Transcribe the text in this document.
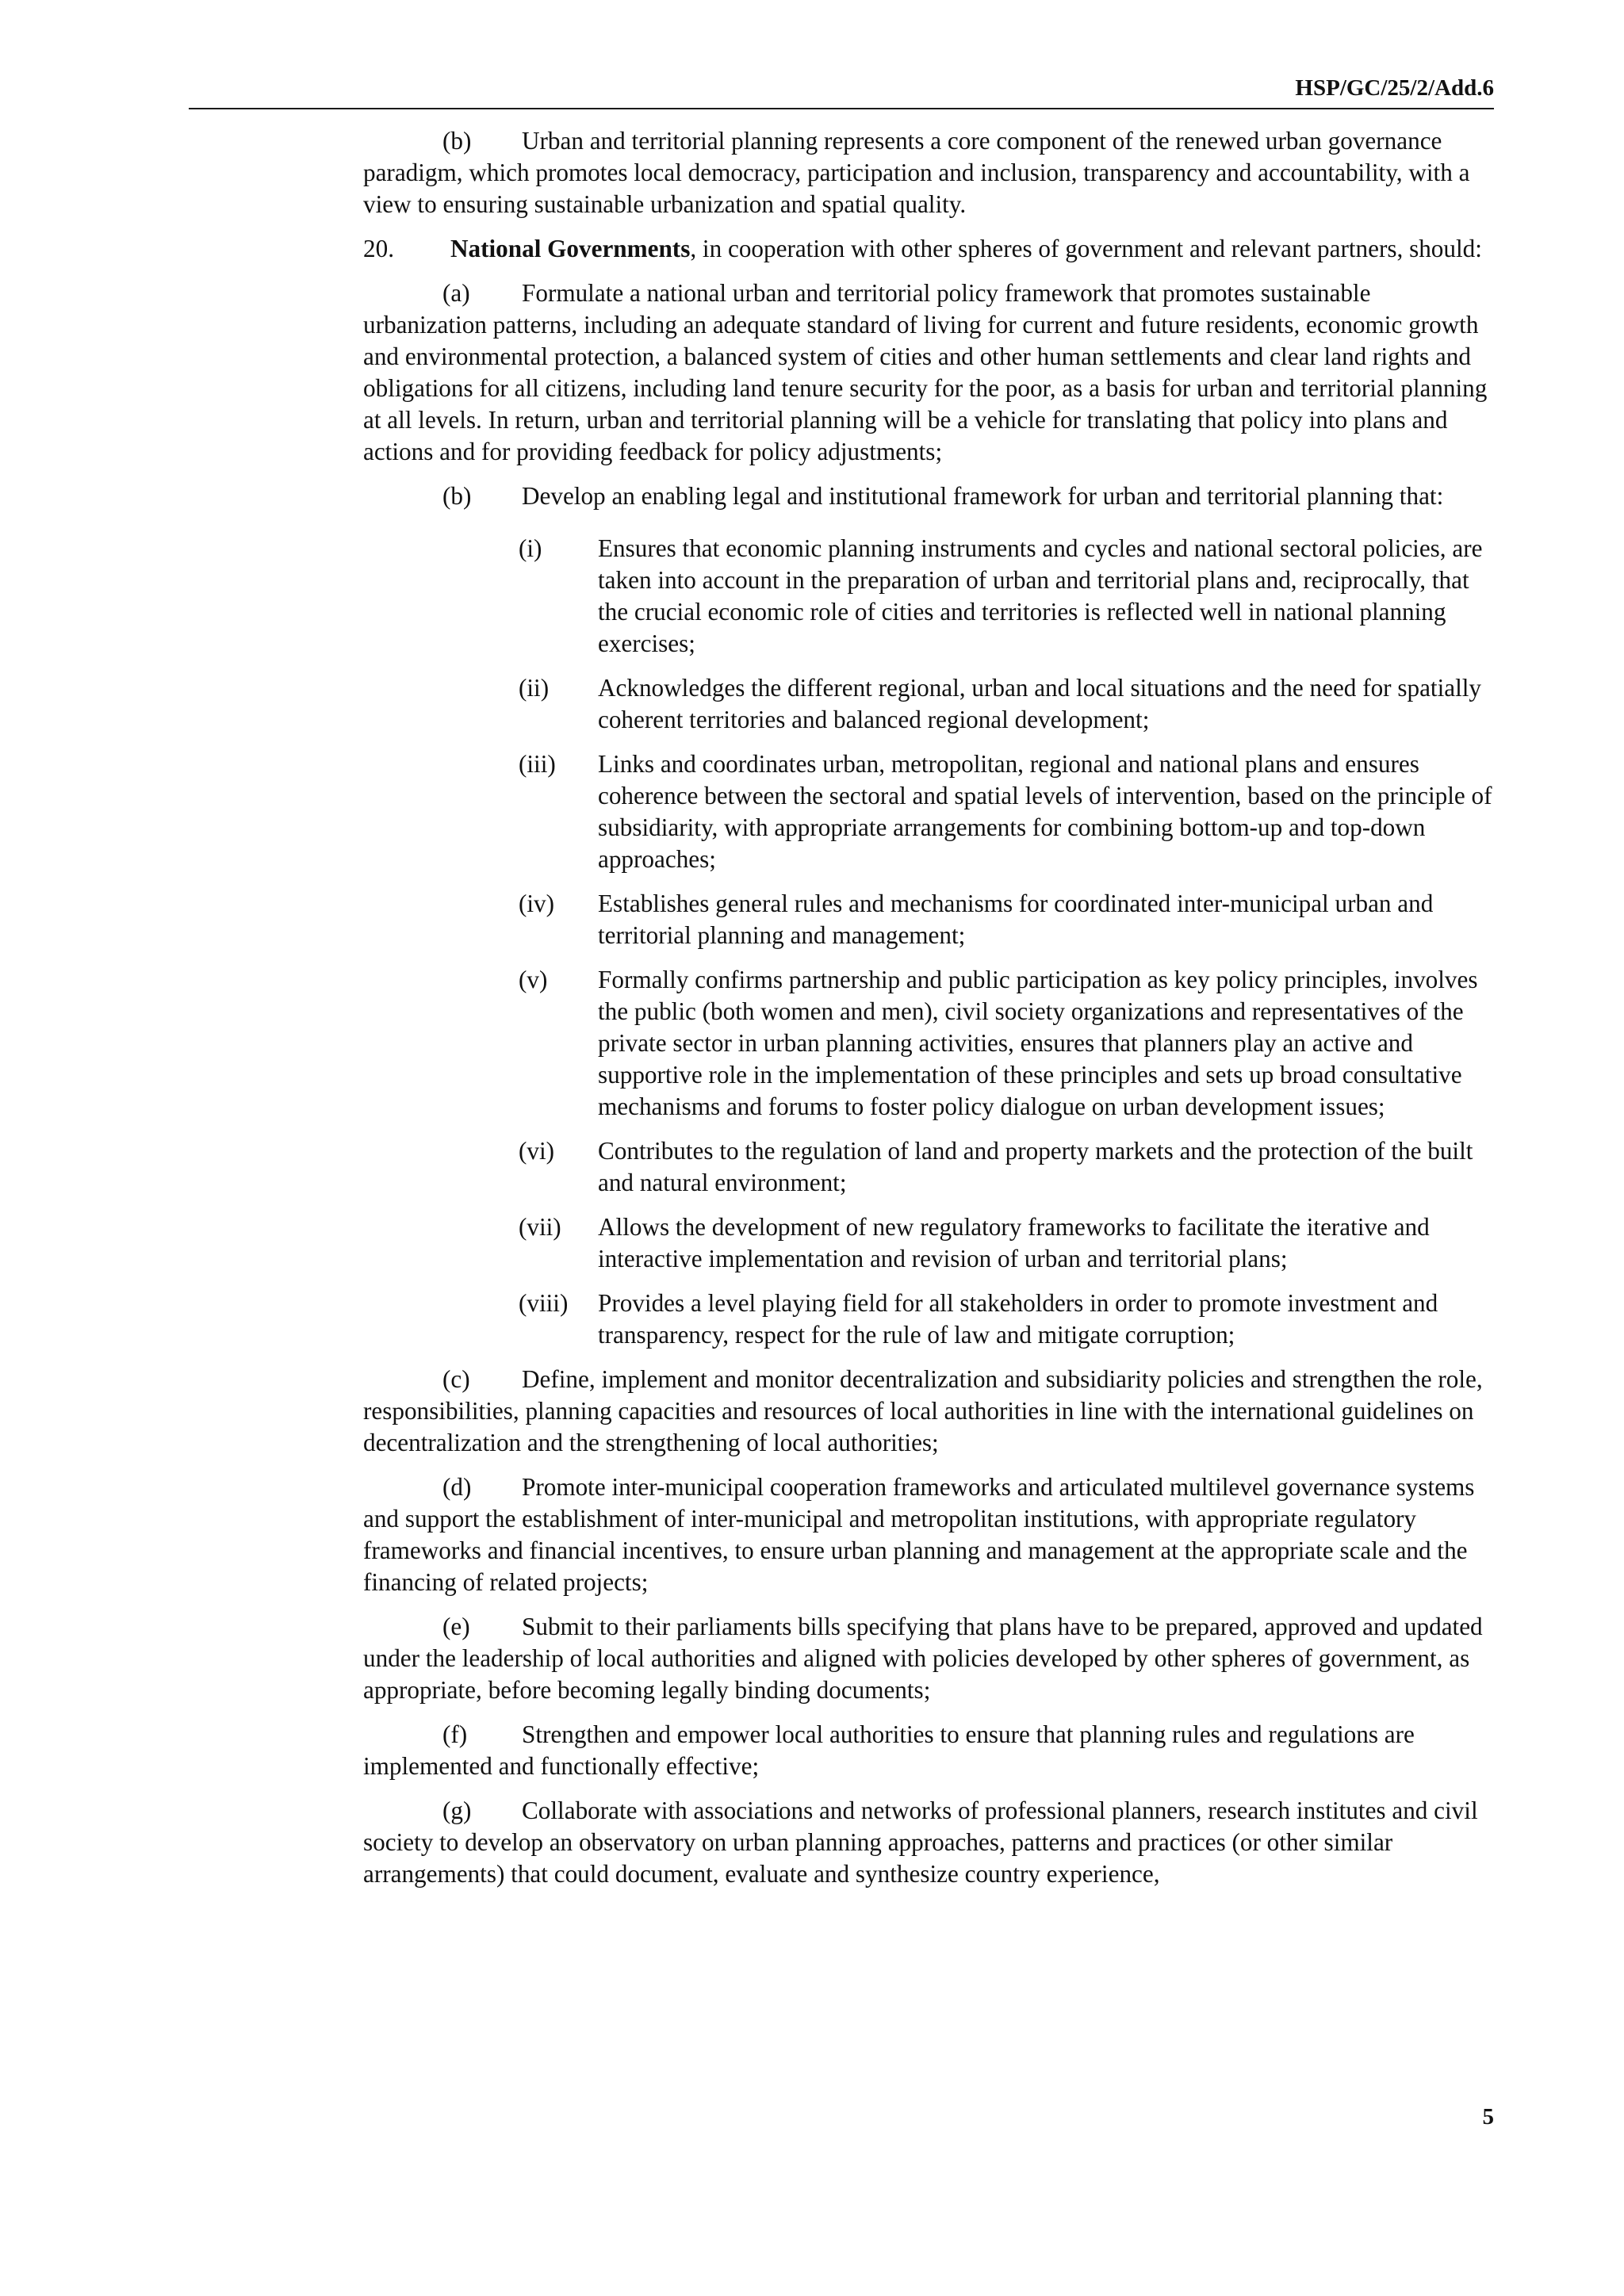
HSP/GC/25/2/Add.6

(b) Urban and territorial planning represents a core component of the renewed urban governance paradigm, which promotes local democracy, participation and inclusion, transparency and accountability, with a view to ensuring sustainable urbanization and spatial quality.

20. National Governments, in cooperation with other spheres of government and relevant partners, should:

(a) Formulate a national urban and territorial policy framework that promotes sustainable urbanization patterns, including an adequate standard of living for current and future residents, economic growth and environmental protection, a balanced system of cities and other human settlements and clear land rights and obligations for all citizens, including land tenure security for the poor, as a basis for urban and territorial planning at all levels. In return, urban and territorial planning will be a vehicle for translating that policy into plans and actions and for providing feedback for policy adjustments;

(b) Develop an enabling legal and institutional framework for urban and territorial planning that:

(i) Ensures that economic planning instruments and cycles and national sectoral policies, are taken into account in the preparation of urban and territorial plans and, reciprocally, that the crucial economic role of cities and territories is reflected well in national planning exercises;
(ii) Acknowledges the different regional, urban and local situations and the need for spatially coherent territories and balanced regional development;
(iii) Links and coordinates urban, metropolitan, regional and national plans and ensures coherence between the sectoral and spatial levels of intervention, based on the principle of subsidiarity, with appropriate arrangements for combining bottom-up and top-down approaches;
(iv) Establishes general rules and mechanisms for coordinated inter-municipal urban and territorial planning and management;
(v) Formally confirms partnership and public participation as key policy principles, involves the public (both women and men), civil society organizations and representatives of the private sector in urban planning activities, ensures that planners play an active and supportive role in the implementation of these principles and sets up broad consultative mechanisms and forums to foster policy dialogue on urban development issues;
(vi) Contributes to the regulation of land and property markets and the protection of the built and natural environment;
(vii) Allows the development of new regulatory frameworks to facilitate the iterative and interactive implementation and revision of urban and territorial plans;
(viii) Provides a level playing field for all stakeholders in order to promote investment and transparency, respect for the rule of law and mitigate corruption;

(c) Define, implement and monitor decentralization and subsidiarity policies and strengthen the role, responsibilities, planning capacities and resources of local authorities in line with the international guidelines on decentralization and the strengthening of local authorities;

(d) Promote inter-municipal cooperation frameworks and articulated multilevel governance systems and support the establishment of inter-municipal and metropolitan institutions, with appropriate regulatory frameworks and financial incentives, to ensure urban planning and management at the appropriate scale and the financing of related projects;

(e) Submit to their parliaments bills specifying that plans have to be prepared, approved and updated under the leadership of local authorities and aligned with policies developed by other spheres of government, as appropriate, before becoming legally binding documents;

(f) Strengthen and empower local authorities to ensure that planning rules and regulations are implemented and functionally effective;

(g) Collaborate with associations and networks of professional planners, research institutes and civil society to develop an observatory on urban planning approaches, patterns and practices (or other similar arrangements) that could document, evaluate and synthesize country experience,

5
